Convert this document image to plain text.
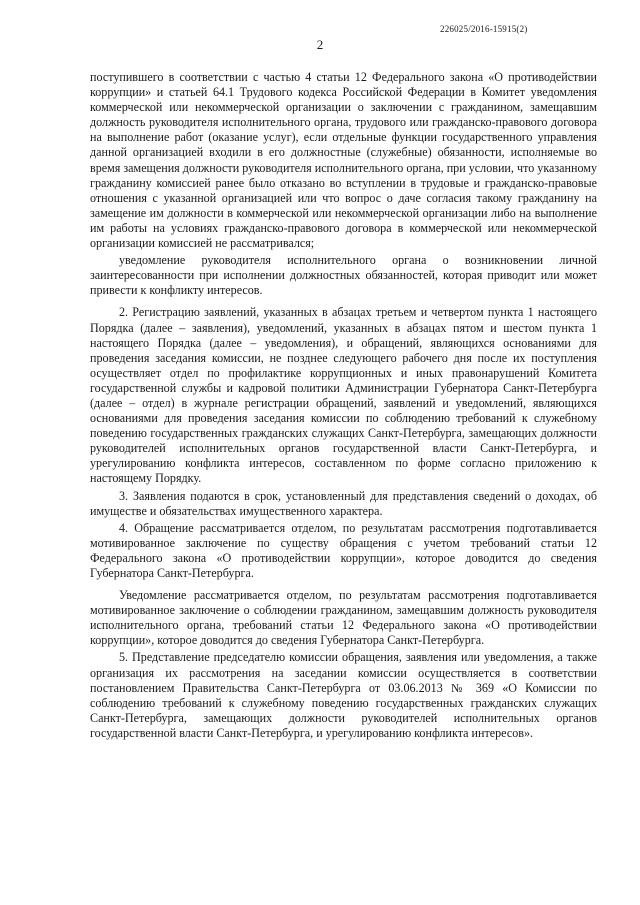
226025/2016-15915(2)
2

поступившего в соответствии с частью 4 статьи 12 Федерального закона «О противодействии коррупции» и статьей 64.1 Трудового кодекса Российской Федерации в Комитет уведомления коммерческой или некоммерческой организации о заключении с гражданином, замещавшим должность руководителя исполнительного органа, трудового или гражданско-правового договора на выполнение работ (оказание услуг), если отдельные функции государственного управления данной организацией входили в его должностные (служебные) обязанности, исполняемые во время замещения должности руководителя исполнительного органа, при условии, что указанному гражданину комиссией ранее было отказано во вступлении в трудовые и гражданско-правовые отношения с указанной организацией или что вопрос о даче согласия такому гражданину на замещение им должности в коммерческой или некоммерческой организации либо на выполнение им работы на условиях гражданско-правового договора в коммерческой или некоммерческой организации комиссией не рассматривался;

уведомление руководителя исполнительного органа о возникновении личной заинтересованности при исполнении должностных обязанностей, которая приводит или может привести к конфликту интересов.

2. Регистрацию заявлений, указанных в абзацах третьем и четвертом пункта 1 настоящего Порядка (далее – заявления), уведомлений, указанных в абзацах пятом и шестом пункта 1 настоящего Порядка (далее – уведомления), и обращений, являющихся основаниями для проведения заседания комиссии, не позднее следующего рабочего дня после их поступления осуществляет отдел по профилактике коррупционных и иных правонарушений Комитета государственной службы и кадровой политики Администрации Губернатора Санкт-Петербурга (далее – отдел) в журнале регистрации обращений, заявлений и уведомлений, являющихся основаниями для проведения заседания комиссии по соблюдению требований к служебному поведению государственных гражданских служащих Санкт-Петербурга, замещающих должности руководителей исполнительных органов государственной власти Санкт-Петербурга, и урегулированию конфликта интересов, составленном по форме согласно приложению к настоящему Порядку.

3. Заявления подаются в срок, установленный для представления сведений о доходах, об имуществе и обязательствах имущественного характера.

4. Обращение рассматривается отделом, по результатам рассмотрения подготавливается мотивированное заключение по существу обращения с учетом требований статьи 12 Федерального закона «О противодействии коррупции», которое доводится до сведения Губернатора Санкт-Петербурга.

Уведомление рассматривается отделом, по результатам рассмотрения подготавливается мотивированное заключение о соблюдении гражданином, замещавшим должность руководителя исполнительного органа, требований статьи 12 Федерального закона «О противодействии коррупции», которое доводится до сведения Губернатора Санкт-Петербурга.

5. Представление председателю комиссии обращения, заявления или уведомления, а также организация их рассмотрения на заседании комиссии осуществляется в соответствии постановлением Правительства Санкт-Петербурга от 03.06.2013 № 369 «О Комиссии по соблюдению требований к служебному поведению государственных гражданских служащих Санкт-Петербурга, замещающих должности руководителей исполнительных органов государственной власти Санкт-Петербурга, и урегулированию конфликта интересов».
